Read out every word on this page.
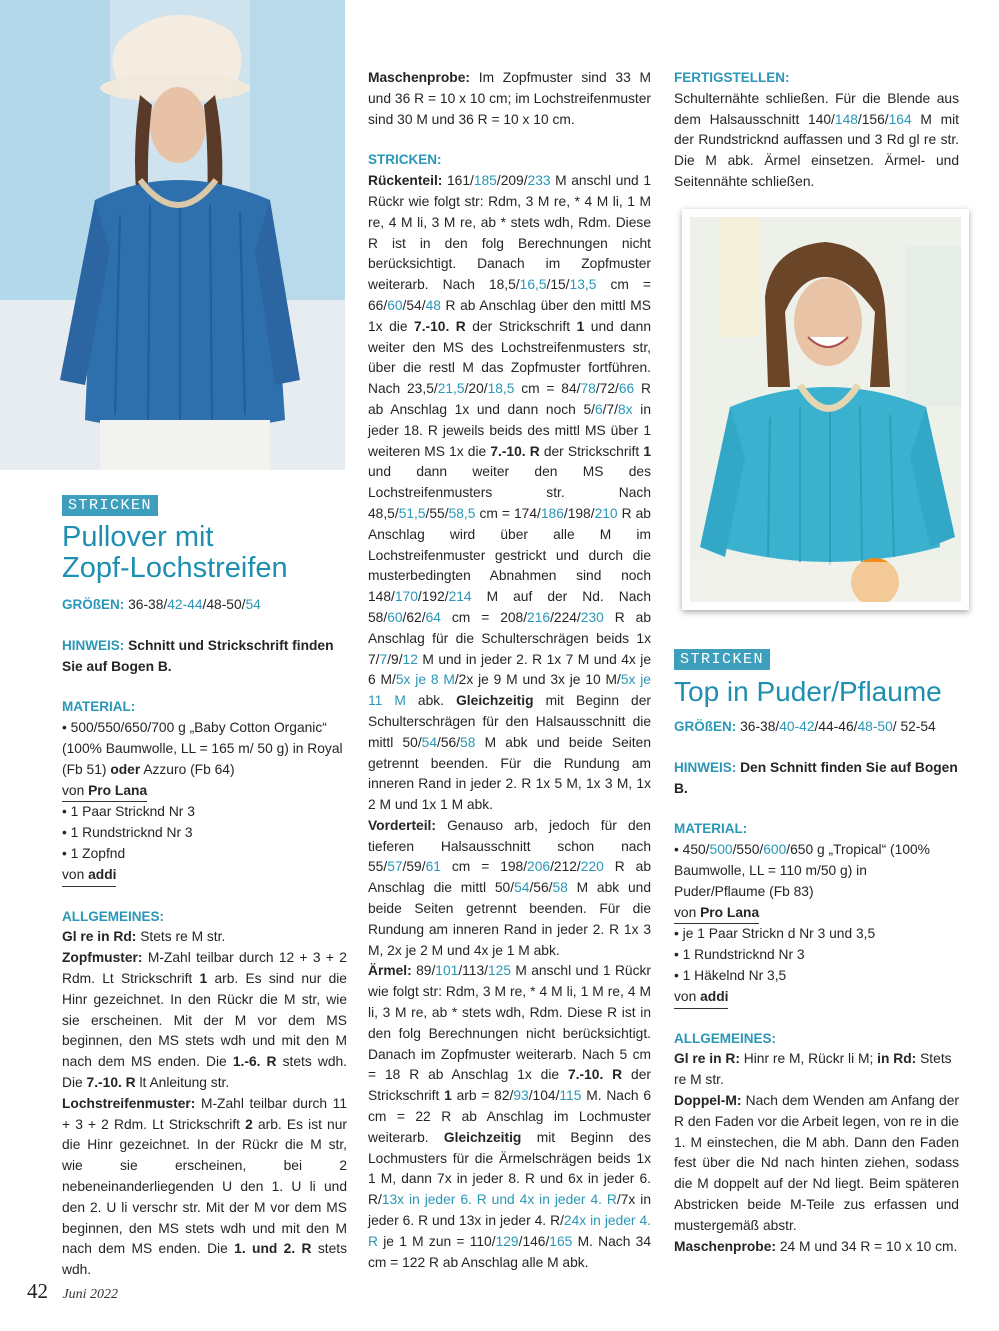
STRICKEN
Pullover mit
Zopf-Lochstreifen

GRÖßEN: 36-38/42-44/48-50/54

HINWEIS: Schnitt und Strickschrift finden Sie auf Bogen B.

MATERIAL:

• 500/550/650/700 g „Baby Cotton Organic“ (100% Baumwolle, LL = 165 m/ 50 g) in Royal (Fb 51) oder Azzuro (Fb 64)

von Pro Lana

• 1 Paar Stricknd Nr 3

• 1 Rundstricknd Nr 3

• 1 Zopfnd

von addi

ALLGEMEINES:

Gl re in Rd: Stets re M str.

Zopfmuster: M-Zahl teilbar durch 12 + 3 + 2 Rdm. Lt Strickschrift 1 arb. Es sind nur die Hinr gezeichnet. In den Rückr die M str, wie sie erscheinen. Mit der M vor dem MS beginnen, den MS stets wdh und mit den M nach dem MS enden. Die 1.-6. R stets wdh. Die 7.-10. R lt Anleitung str.

Lochstreifenmuster: M-Zahl teilbar durch 11 + 3 + 2 Rdm. Lt Strickschrift 2 arb. Es ist nur die Hinr gezeichnet. In der Rückr die M str, wie sie erscheinen, bei 2 nebeneinanderliegenden U den 1. U li und den 2. U li verschr str. Mit der M vor dem MS beginnen, den MS stets wdh und mit den M nach dem MS enden. Die 1. und 2. R stets wdh.

Maschenprobe: Im Zopfmuster sind 33 M und 36 R = 10 x 10 cm; im Lochstreifenmuster sind 30 M und 36 R = 10 x 10 cm.

STRICKEN:

Rückenteil: 161/185/209/233 M anschl und 1 Rückr wie folgt str: Rdm, 3 M re, * 4 M li, 1 M re, 4 M li, 3 M re, ab * stets wdh, Rdm. Diese R ist in den folg Berechnungen nicht berücksichtigt. Danach im Zopfmuster weiterarb. Nach 18,5/16,5/15/13,5 cm = 66/60/54/48 R ab Anschlag über den mittl MS 1x die 7.-10. R der Strickschrift 1 und dann weiter den MS des Lochstreifenmusters str, über die restl M das Zopfmuster fortführen. Nach 23,5/21,5/20/18,5 cm = 84/78/72/66 R ab Anschlag 1x und dann noch 5/6/7/8x in jeder 18. R jeweils beids des mittl MS über 1 weiteren MS 1x die 7.-10. R der Strickschrift 1 und dann weiter den MS des Lochstreifenmusters str. Nach 48,5/51,5/55/58,5 cm = 174/186/198/210 R ab Anschlag wird über alle M im Lochstreifenmuster gestrickt und durch die musterbedingten Abnahmen sind noch 148/170/192/214 M auf der Nd. Nach 58/60/62/64 cm = 208/216/224/230 R ab Anschlag für die Schulterschrägen beids 1x 7/7/9/12 M und in jeder 2. R 1x 7 M und 4x je 6 M/5x je 8 M/2x je 9 M und 3x je 10 M/5x je 11 M abk. Gleichzeitig mit Beginn der Schulterschrägen für den Halsausschnitt die mittl 50/54/56/58 M abk und beide Seiten getrennt beenden. Für die Rundung am inneren Rand in jeder 2. R 1x 5 M, 1x 3 M, 1x 2 M und 1x 1 M abk.

Vorderteil: Genauso arb, jedoch für den tieferen Halsausschnitt schon nach 55/57/59/61 cm = 198/206/212/220 R ab Anschlag die mittl 50/54/56/58 M abk und beide Seiten getrennt beenden. Für die Rundung am inneren Rand in jeder 2. R 1x 3 M, 2x je 2 M und 4x je 1 M abk.

Ärmel: 89/101/113/125 M anschl und 1 Rückr wie folgt str: Rdm, 3 M re, * 4 M li, 1 M re, 4 M li, 3 M re, ab * stets wdh, Rdm. Diese R ist in den folg Berechnungen nicht berücksichtigt. Danach im Zopfmuster weiterarb. Nach 5 cm = 18 R ab Anschlag 1x die 7.-10. R der Strickschrift 1 arb = 82/93/104/115 M. Nach 6 cm = 22 R ab Anschlag im Lochmuster weiterarb. Gleichzeitig mit Beginn des Lochmusters für die Ärmelschrägen beids 1x 1 M, dann 7x in jeder 8. R und 6x in jeder 6. R/13x in jeder 6. R und 4x in jeder 4. R/7x in jeder 6. R und 13x in jeder 4. R/24x in jeder 4. R je 1 M zun = 110/129/146/165 M. Nach 34 cm = 122 R ab Anschlag alle M abk.

FERTIGSTELLEN:

Schulternähte schließen. Für die Blende aus dem Halsausschnitt 140/148/156/164 M mit der Rundstricknd auffassen und 3 Rd gl re str. Die M abk. Ärmel einsetzen. Ärmel- und Seitennähte schließen.

STRICKEN
Top in Puder/Pflaume

GRÖßEN: 36-38/40-42/44-46/48-50/ 52-54

HINWEIS: Den Schnitt finden Sie auf Bogen B.

MATERIAL:

• 450/500/550/600/650 g „Tropical“ (100% Baumwolle, LL = 110 m/50 g) in Puder/Pflaume (Fb 83)

von Pro Lana

• je 1 Paar Strickn d Nr 3 und 3,5

• 1 Rundstricknd Nr 3

• 1 Häkelnd Nr 3,5

von addi

ALLGEMEINES:

Gl re in R: Hinr re M, Rückr li M; in Rd: Stets re M str.

Doppel-M: Nach dem Wenden am Anfang der R den Faden vor die Arbeit legen, von re in die 1. M einstechen, die M abh. Dann den Faden fest über die Nd nach hinten ziehen, sodass die M doppelt auf der Nd liegt. Beim späteren Abstricken beide M-Teile zus erfassen und mustergemäß abstr.

Maschenprobe: 24 M und 34 R = 10 x 10 cm.

42 Juni 2022
